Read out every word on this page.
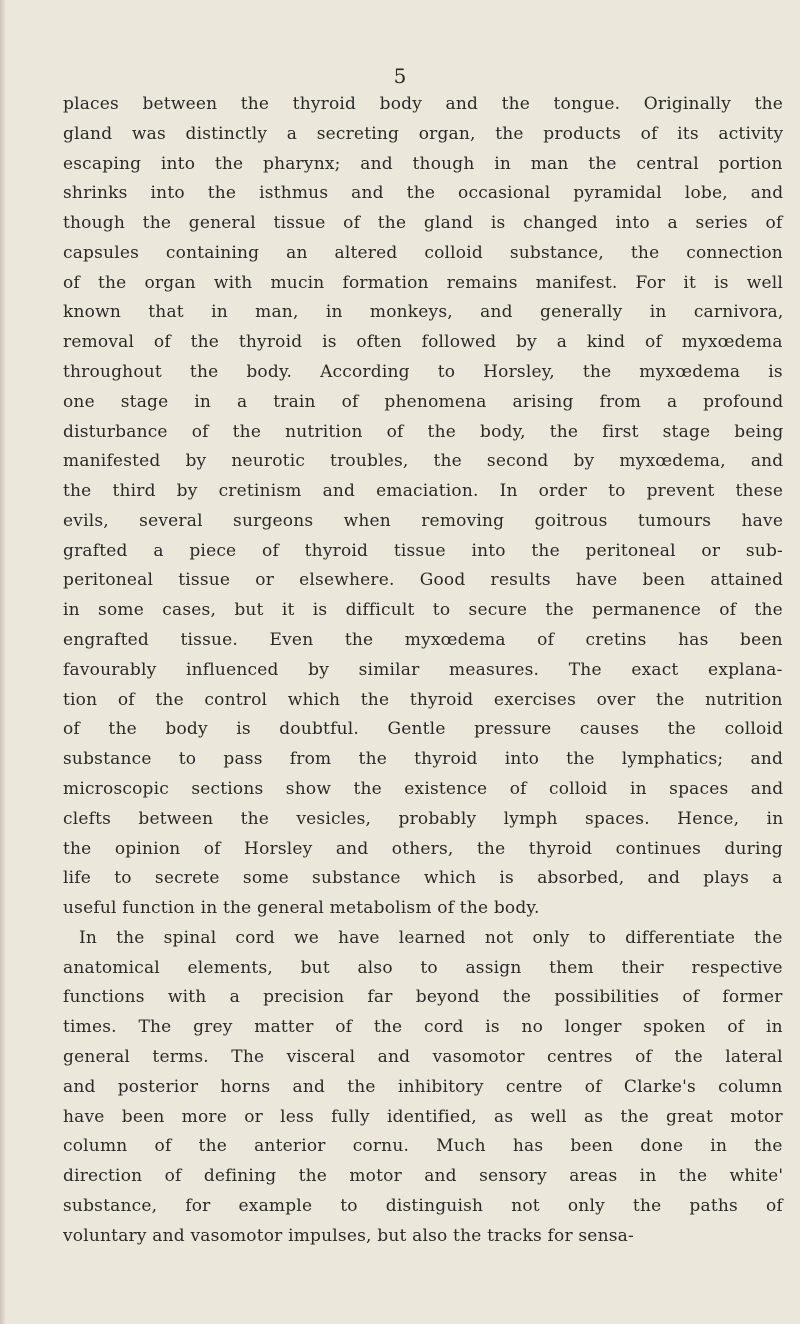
5
places between the thyroid body and the tongue. Originally the
gland was distinctly a secreting organ, the products of its activity
escaping into the pharynx; and though in man the central portion
shrinks into the isthmus and the occasional pyramidal lobe, and
though the general tissue of the gland is changed into a series of
capsules containing an altered colloid substance, the connection
of the organ with mucin formation remains manifest. For it is well
known that in man, in monkeys, and generally in carnivora,
removal of the thyroid is often followed by a kind of myxœdema
throughout the body. According to Horsley, the myxœdema is
one stage in a train of phenomena arising from a profound
disturbance of the nutrition of the body, the first stage being
manifested by neurotic troubles, the second by myxœdema, and
the third by cretinism and emaciation. In order to prevent these
evils, several surgeons when removing goitrous tumours have
grafted a piece of thyroid tissue into the peritoneal or sub-
peritoneal tissue or elsewhere. Good results have been attained
in some cases, but it is difficult to secure the permanence of the
engrafted tissue. Even the myxœdema of cretins has been
favourably influenced by similar measures. The exact explana-
tion of the control which the thyroid exercises over the nutrition
of the body is doubtful. Gentle pressure causes the colloid
substance to pass from the thyroid into the lymphatics; and
microscopic sections show the existence of colloid in spaces and
clefts between the vesicles, probably lymph spaces. Hence, in
the opinion of Horsley and others, the thyroid continues during
life to secrete some substance which is absorbed, and plays a
useful function in the general metabolism of the body.
In the spinal cord we have learned not only to differentiate the
anatomical elements, but also to assign them their respective
functions with a precision far beyond the possibilities of former
times. The grey matter of the cord is no longer spoken of in
general terms. The visceral and vasomotor centres of the lateral
and posterior horns and the inhibitory centre of Clarke's column
have been more or less fully identified, as well as the great motor
column of the anterior cornu. Much has been done in the
direction of defining the motor and sensory areas in the white'
substance, for example to distinguish not only the paths of
voluntary and vasomotor impulses, but also the tracks for sensa-
